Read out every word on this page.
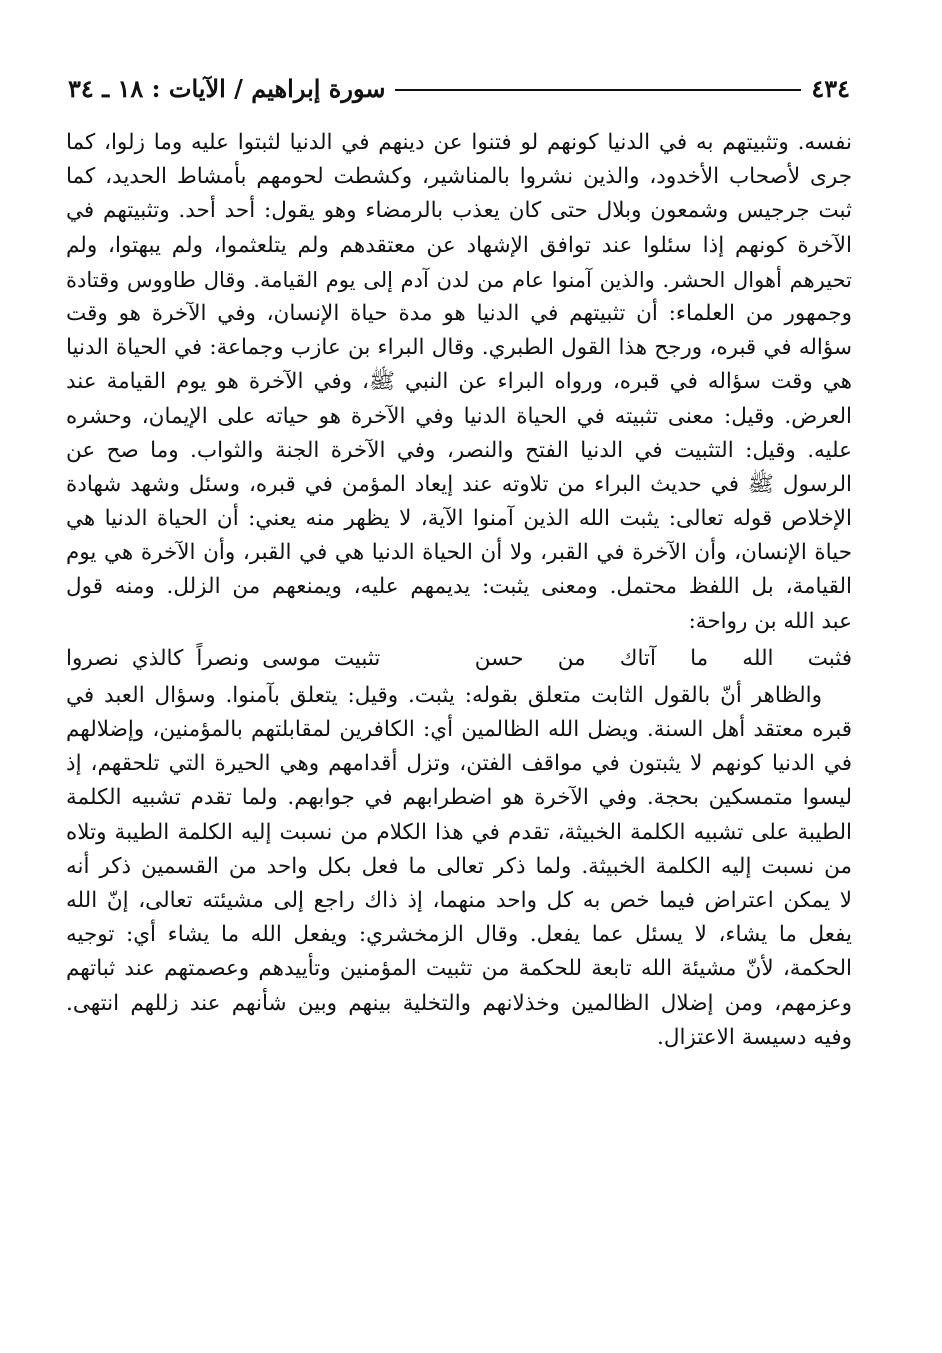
٤٣٤
سورة إبراهيم / الآيات : ١٨ ـ ٣٤
نفسه. وتثبيتهم به في الدنيا كونهم لو فتنوا عن دينهم في الدنيا لثبتوا عليه وما زلوا، كما
جرى لأصحاب الأخدود، والذين نشروا بالمناشير، وكشطت لحومهم بأمشاط الحديد، كما
ثبت جرجيس وشمعون وبلال حتى كان يعذب بالرمضاء وهو يقول: أحد أحد. وتثبيتهم في
الآخرة كونهم إذا سئلوا عند توافق الإشهاد عن معتقدهم ولم يتلعثموا، ولم يبهتوا، ولم
تحيرهم أهوال الحشر. والذين آمنوا عام من لدن آدم إلى يوم القيامة. وقال طاووس وقتادة
وجمهور من العلماء: أن تثبيتهم في الدنيا هو مدة حياة الإنسان، وفي الآخرة هو وقت
سؤاله في قبره، ورجح هذا القول الطبري. وقال البراء بن عازب وجماعة: في الحياة الدنيا
هي وقت سؤاله في قبره، ورواه البراء عن النبي ﷺ، وفي الآخرة هو يوم القيامة عند
العرض. وقيل: معنى تثبيته في الحياة الدنيا وفي الآخرة هو حياته على الإيمان، وحشره
عليه. وقيل: التثبيت في الدنيا الفتح والنصر، وفي الآخرة الجنة والثواب. وما صح عن
الرسول ﷺ في حديث البراء من تلاوته عند إيعاد المؤمن في قبره، وسئل وشهد شهادة
الإخلاص قوله تعالى: يثبت الله الذين آمنوا الآية، لا يظهر منه يعني: أن الحياة الدنيا هي
حياة الإنسان، وأن الآخرة في القبر، ولا أن الحياة الدنيا هي في القبر، وأن الآخرة هي يوم
القيامة، بل اللفظ محتمل. ومعنى يثبت: يديمهم عليه، ويمنعهم من الزلل. ومنه قول
عبد الله بن رواحة:
فثبت الله ما آتاك من حسن
تثبيت موسى ونصراً كالذي نصروا
والظاهر أنّ بالقول الثابت متعلق بقوله: يثبت. وقيل: يتعلق بآمنوا. وسؤال العبد في
قبره معتقد أهل السنة. ويضل الله الظالمين أي: الكافرين لمقابلتهم بالمؤمنين، وإضلالهم
في الدنيا كونهم لا يثبتون في مواقف الفتن، وتزل أقدامهم وهي الحيرة التي تلحقهم، إذ
ليسوا متمسكين بحجة. وفي الآخرة هو اضطرابهم في جوابهم. ولما تقدم تشبيه الكلمة
الطيبة على تشبيه الكلمة الخبيثة، تقدم في هذا الكلام من نسبت إليه الكلمة الطيبة وتلاه
من نسبت إليه الكلمة الخبيثة. ولما ذكر تعالى ما فعل بكل واحد من القسمين ذكر أنه
لا يمكن اعتراض فيما خص به كل واحد منهما، إذ ذاك راجع إلى مشيئته تعالى، إنّ الله
يفعل ما يشاء، لا يسئل عما يفعل. وقال الزمخشري: ويفعل الله ما يشاء أي: توجيه
الحكمة، لأنّ مشيئة الله تابعة للحكمة من تثبيت المؤمنين وتأييدهم وعصمتهم عند ثباتهم
وعزمهم، ومن إضلال الظالمين وخذلانهم والتخلية بينهم وبين شأنهم عند زللهم انتهى.
وفيه دسيسة الاعتزال.
